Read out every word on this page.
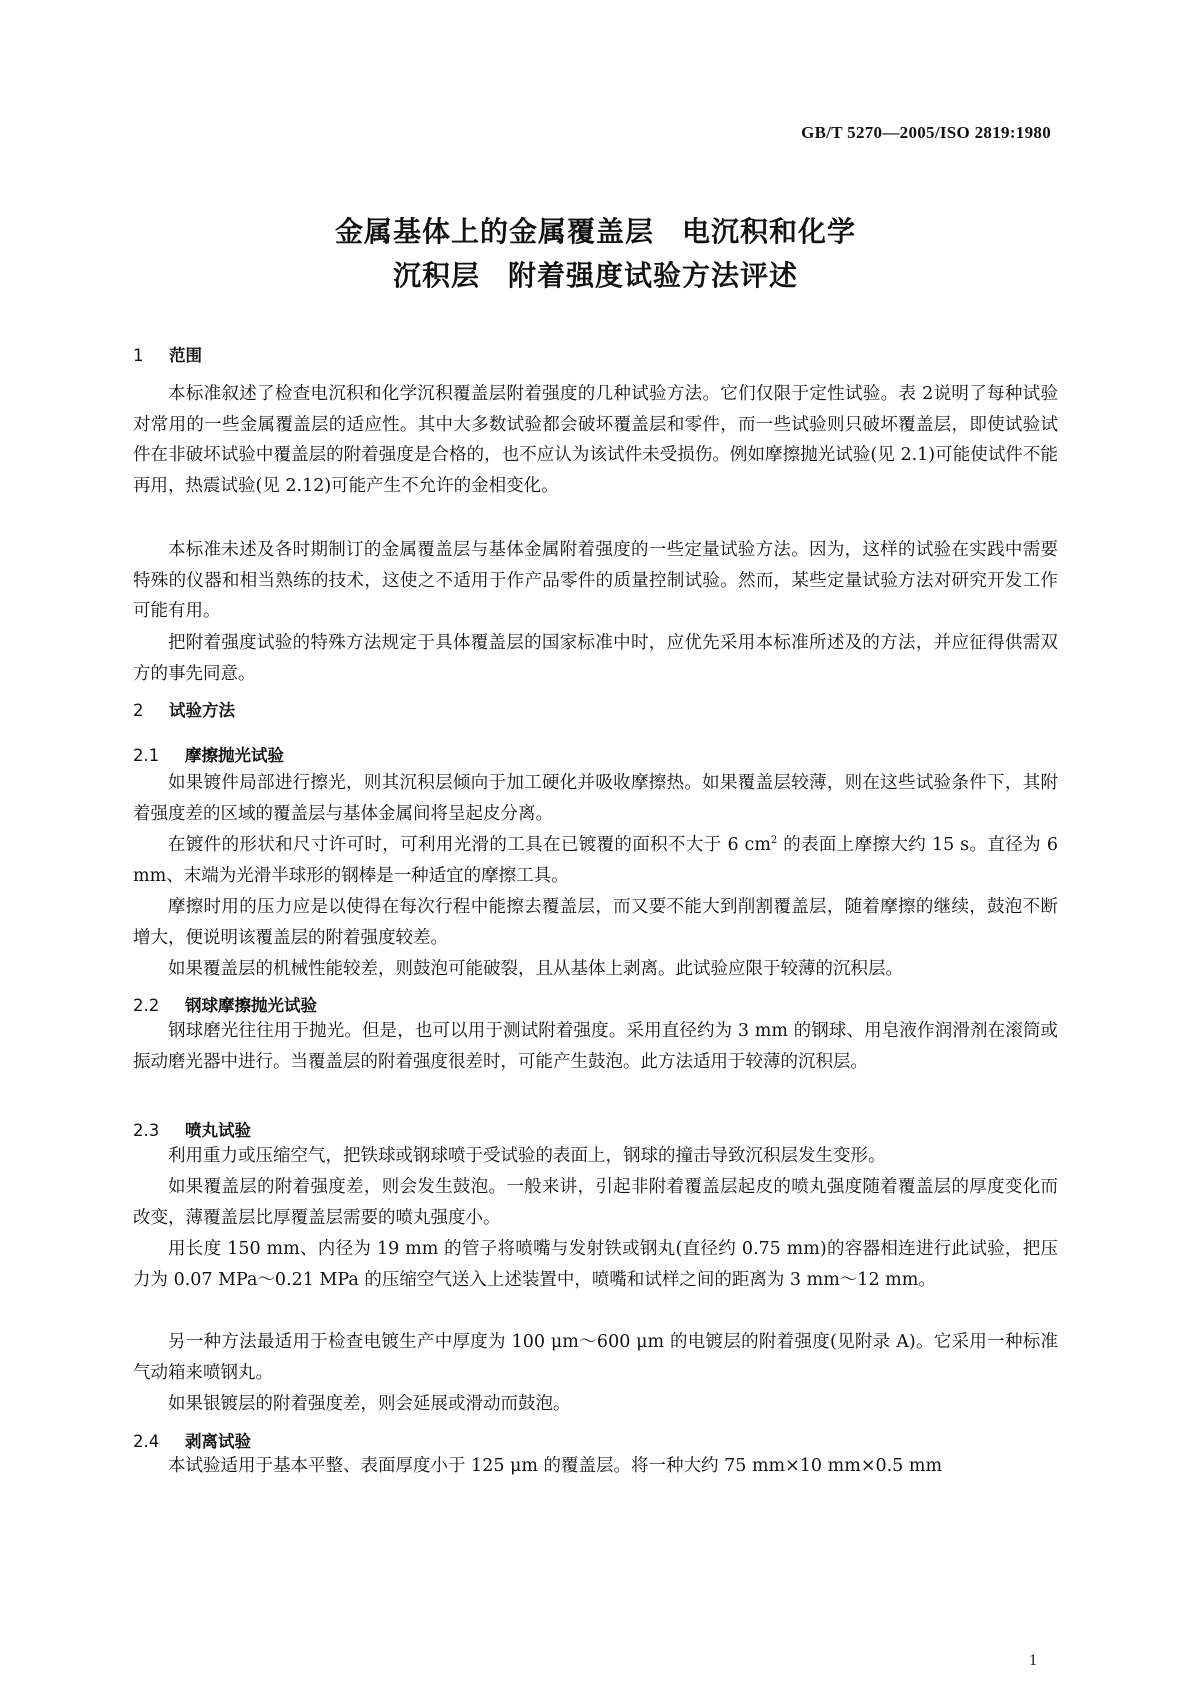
GB/T 5270—2005/ISO 2819:1980
金属基体上的金属覆盖层 电沉积和化学
沉积层 附着强度试验方法评述
1 范围
本标准叙述了检查电沉积和化学沉积覆盖层附着强度的几种试验方法。它们仅限于定性试验。表 2说明了每种试验对常用的一些金属覆盖层的适应性。其中大多数试验都会破坏覆盖层和零件，而一些试验则只破坏覆盖层，即使试验试件在非破坏试验中覆盖层的附着强度是合格的，也不应认为该试件未受损伤。例如摩擦抛光试验(见 2.1)可能使试件不能再用，热震试验(见 2.12)可能产生不允许的金相变化。
本标准未述及各时期制订的金属覆盖层与基体金属附着强度的一些定量试验方法。因为，这样的试验在实践中需要特殊的仪器和相当熟练的技术，这使之不适用于作产品零件的质量控制试验。然而，某些定量试验方法对研究开发工作可能有用。
把附着强度试验的特殊方法规定于具体覆盖层的国家标准中时，应优先采用本标准所述及的方法，并应征得供需双方的事先同意。
2 试验方法
2.1 摩擦抛光试验
如果镀件局部进行擦光，则其沉积层倾向于加工硬化并吸收摩擦热。如果覆盖层较薄，则在这些试验条件下，其附着强度差的区域的覆盖层与基体金属间将呈起皮分离。
在镀件的形状和尺寸许可时，可利用光滑的工具在已镀覆的面积不大于 6 $cm^2$ 的表面上摩擦大约 15 s。直径为 6 mm、末端为光滑半球形的钢棒是一种适宜的摩擦工具。
摩擦时用的压力应是以使得在每次行程中能擦去覆盖层，而又要不能大到削割覆盖层，随着摩擦的继续，鼓泡不断增大，便说明该覆盖层的附着强度较差。
如果覆盖层的机械性能较差，则鼓泡可能破裂，且从基体上剥离。此试验应限于较薄的沉积层。
2.2 钢球摩擦抛光试验
钢球磨光往往用于抛光。但是，也可以用于测试附着强度。采用直径约为 3 mm 的钢球、用皂液作润滑剂在滚筒或振动磨光器中进行。当覆盖层的附着强度很差时，可能产生鼓泡。此方法适用于较薄的沉积层。
2.3 喷丸试验
利用重力或压缩空气，把铁球或钢球喷于受试验的表面上，钢球的撞击导致沉积层发生变形。
如果覆盖层的附着强度差，则会发生鼓泡。一般来讲，引起非附着覆盖层起皮的喷丸强度随着覆盖层的厚度变化而改变，薄覆盖层比厚覆盖层需要的喷丸强度小。
用长度 150 mm、内径为 19 mm 的管子将喷嘴与发射铁或钢丸(直径约 0.75 mm)的容器相连进行此试验，把压力为 0.07 MPa～0.21 MPa 的压缩空气送入上述装置中，喷嘴和试样之间的距离为 3 mm～12 mm。
另一种方法最适用于检查电镀生产中厚度为 100 μm～600 μm 的电镀层的附着强度(见附录 A)。它采用一种标准气动箱来喷钢丸。
如果银镀层的附着强度差，则会延展或滑动而鼓泡。
2.4 剥离试验
本试验适用于基本平整、表面厚度小于 125 μm 的覆盖层。将一种大约 75 mm×10 mm×0.5 mm
1
